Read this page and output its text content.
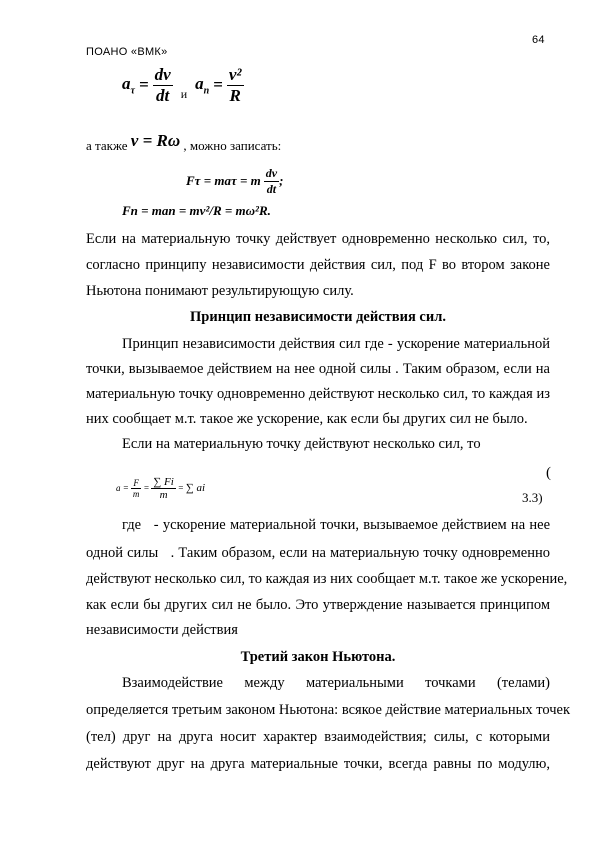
ПОАНО «ВМК»
64
$a_\tau = \frac{dv}{dt}$ и
$a_n = \frac{\text{v²}}{R}$
а также v = Rω , можно записать:
Fτ = maτ = m $\frac{dv}{dt}$ ;
Fn = man = mv²/R = mω²R.
Если на материальную точку действует одновременно несколько сил, то,
согласно принципу независимости действия сил, под F во втором законе
Ньютона понимают результирующую силу.
Принцип независимости действия сил.
Принцип независимости действия сил где - ускорение материальной
точки, вызываемое действием на нее одной силы . Таким образом, если на
материальную точку одновременно действуют несколько сил, то каждая из
них сообщает м.т. такое же ускорение, как если бы других сил не было.
Если на материальную точку действуют несколько сил, то
$a = \frac{F}{m} = \frac{\sum Fi}{m}$ = ∑ ai
(
3.3)
где   - ускорение материальной точки, вызываемое действием на нее
одной силы   . Таким образом, если на материальную точку одновременно
действуют несколько сил, то каждая из них сообщает м.т. такое же ускорение,
как если бы других сил не было. Это утверждение называется принципом
независимости действия
Третий закон Ньютона.
Взаимодействие между материальными точками (телами)
определяется третьим законом Ньютона: всякое действие материальных точек
(тел) друг на друга носит характер взаимодействия; силы, с которыми
действуют друг на друга материальные точки, всегда равны по модулю,
